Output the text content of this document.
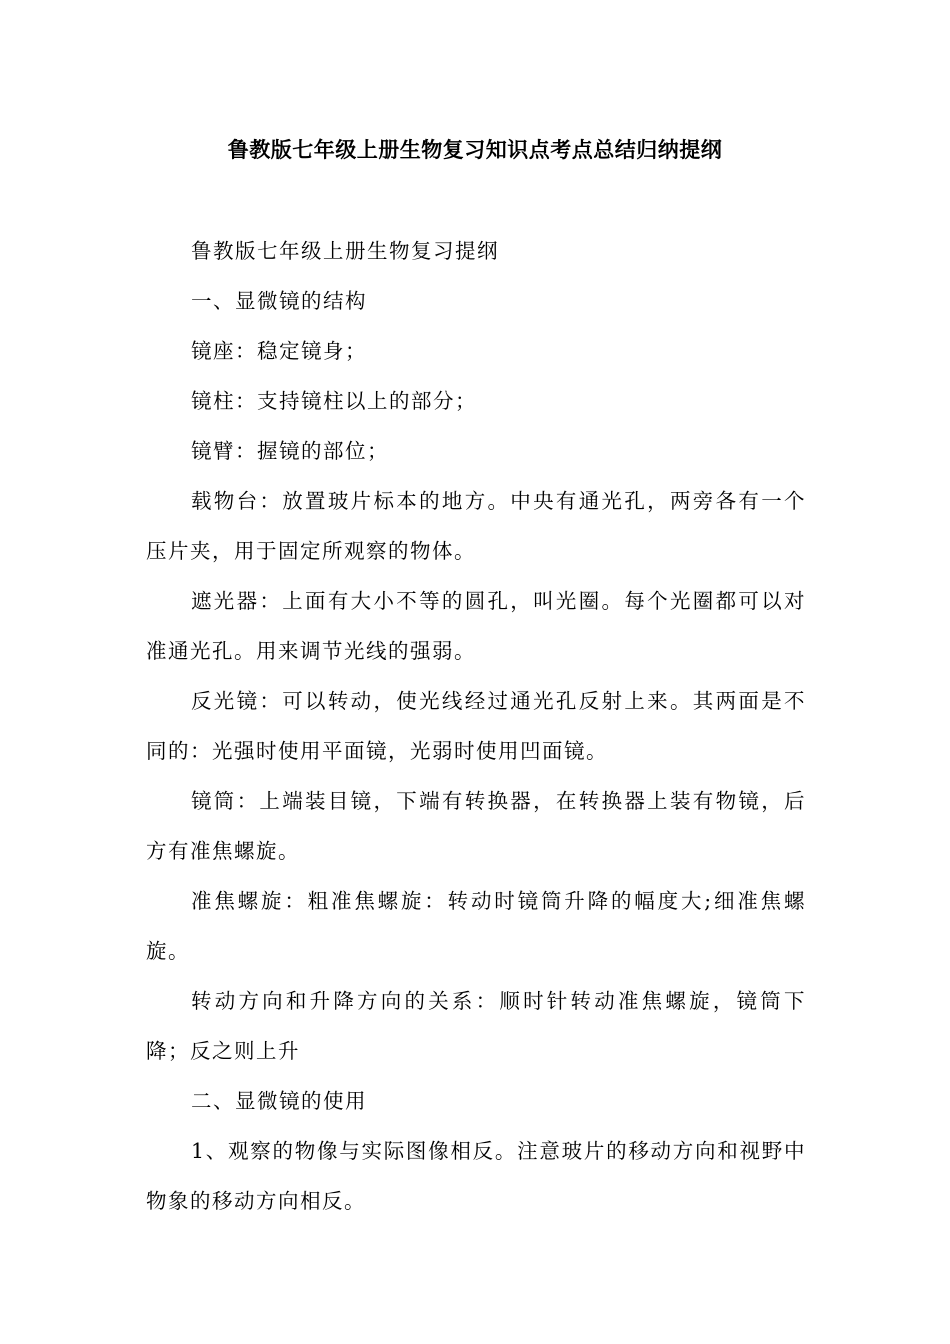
鲁教版七年级上册生物复习知识点考点总结归纳提纲

鲁教版七年级上册生物复习提纲

一、显微镜的结构

镜座：稳定镜身；

镜柱：支持镜柱以上的部分；

镜臂：握镜的部位；

载物台：放置玻片标本的地方。中央有通光孔，两旁各有一个压片夹，用于固定所观察的物体。

遮光器：上面有大小不等的圆孔，叫光圈。每个光圈都可以对准通光孔。用来调节光线的强弱。

反光镜：可以转动，使光线经过通光孔反射上来。其两面是不同的：光强时使用平面镜，光弱时使用凹面镜。

镜筒：上端装目镜，下端有转换器，在转换器上装有物镜，后方有准焦螺旋。

准焦螺旋：粗准焦螺旋：转动时镜筒升降的幅度大;细准焦螺旋。

转动方向和升降方向的关系：顺时针转动准焦螺旋，镜筒下降；反之则上升

二、显微镜的使用

1、观察的物像与实际图像相反。注意玻片的移动方向和视野中物象的移动方向相反。
